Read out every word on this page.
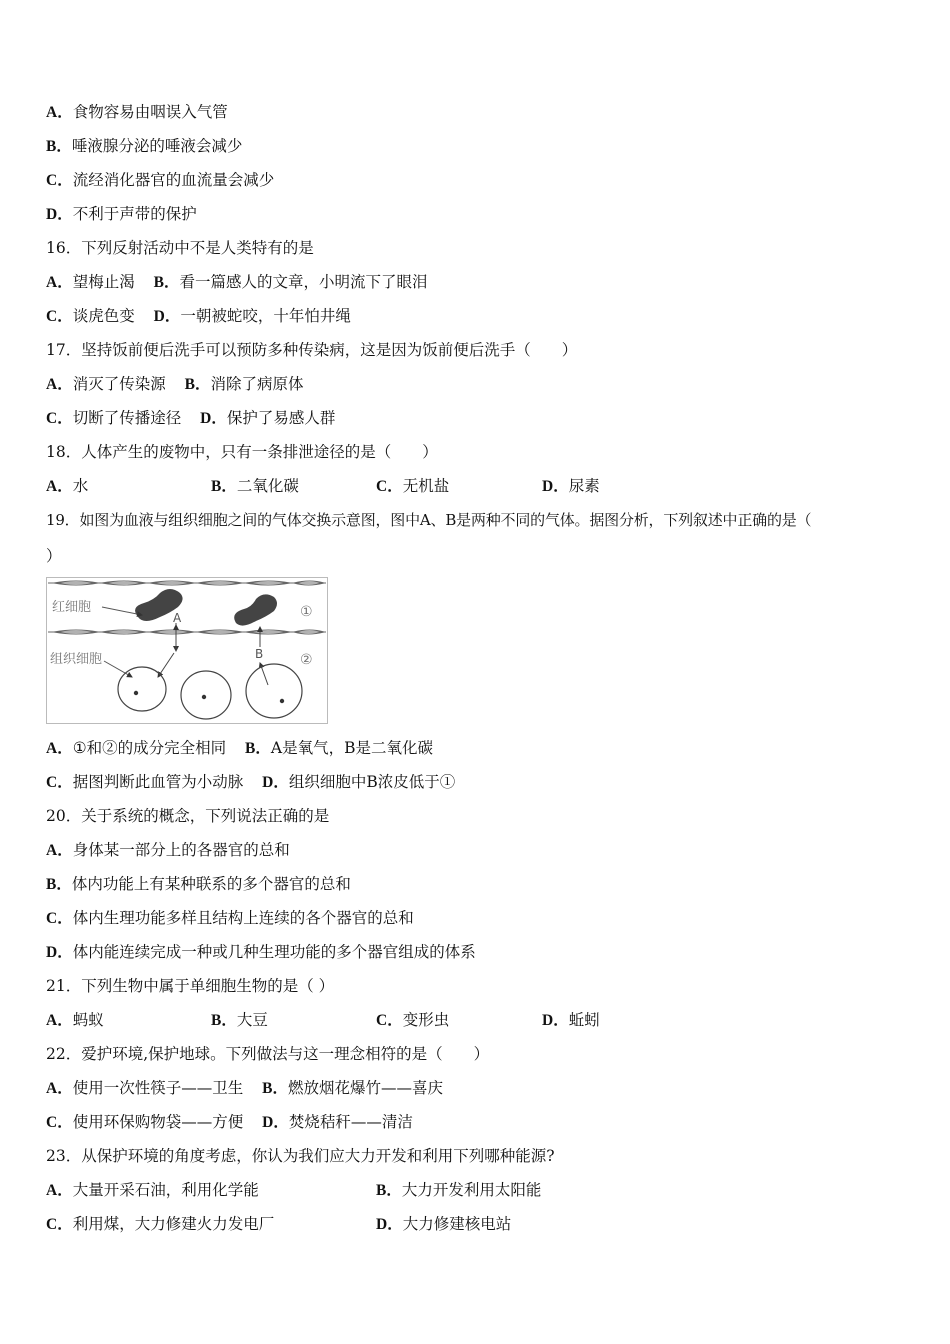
A．食物容易由咽误入气管
B．唾液腺分泌的唾液会减少
C．流经消化器官的血流量会减少
D．不利于声带的保护
16．下列反射活动中不是人类特有的是
A．望梅止渴 B．看一篇感人的文章，小明流下了眼泪
C．谈虎色变 D．一朝被蛇咬，十年怕井绳
17．坚持饭前便后洗手可以预防多种传染病，这是因为饭前便后洗手（　　）
A．消灭了传染源 B．消除了病原体
C．切断了传播途径 D．保护了易感人群
18．人体产生的废物中，只有一条排泄途径的是（　　）
A．水	B．二氧化碳	C．无机盐	D．尿素
19．如图为血液与组织细胞之间的气体交换示意图，图中A、B是两种不同的气体。据图分析，下列叙述中正确的是（
）
红细胞
组织细胞
A
B
①
②
A．①和②的成分完全相同 B．A是氧气，B是二氧化碳
C．据图判断此血管为小动脉 D．组织细胞中B浓皮低于①
20．关于系统的概念，下列说法正确的是
A．身体某一部分上的各器官的总和
B．体内功能上有某种联系的多个器官的总和
C．体内生理功能多样且结构上连续的各个器官的总和
D．体内能连续完成一种或几种生理功能的多个器官组成的体系
21．下列生物中属于单细胞生物的是（ ）
A．蚂蚁	B．大豆	C．变形虫	D．蚯蚓
22．爱护环境,保护地球。下列做法与这一理念相符的是（　　）
A．使用一次性筷子——卫生 B．燃放烟花爆竹——喜庆
C．使用环保购物袋——方便 D．焚烧秸秆——清洁
23．从保护环境的角度考虑，你认为我们应大力开发和利用下列哪种能源?
A．大量开采石油，利用化学能	B．大力开发利用太阳能
C．利用煤，大力修建火力发电厂	D．大力修建核电站
